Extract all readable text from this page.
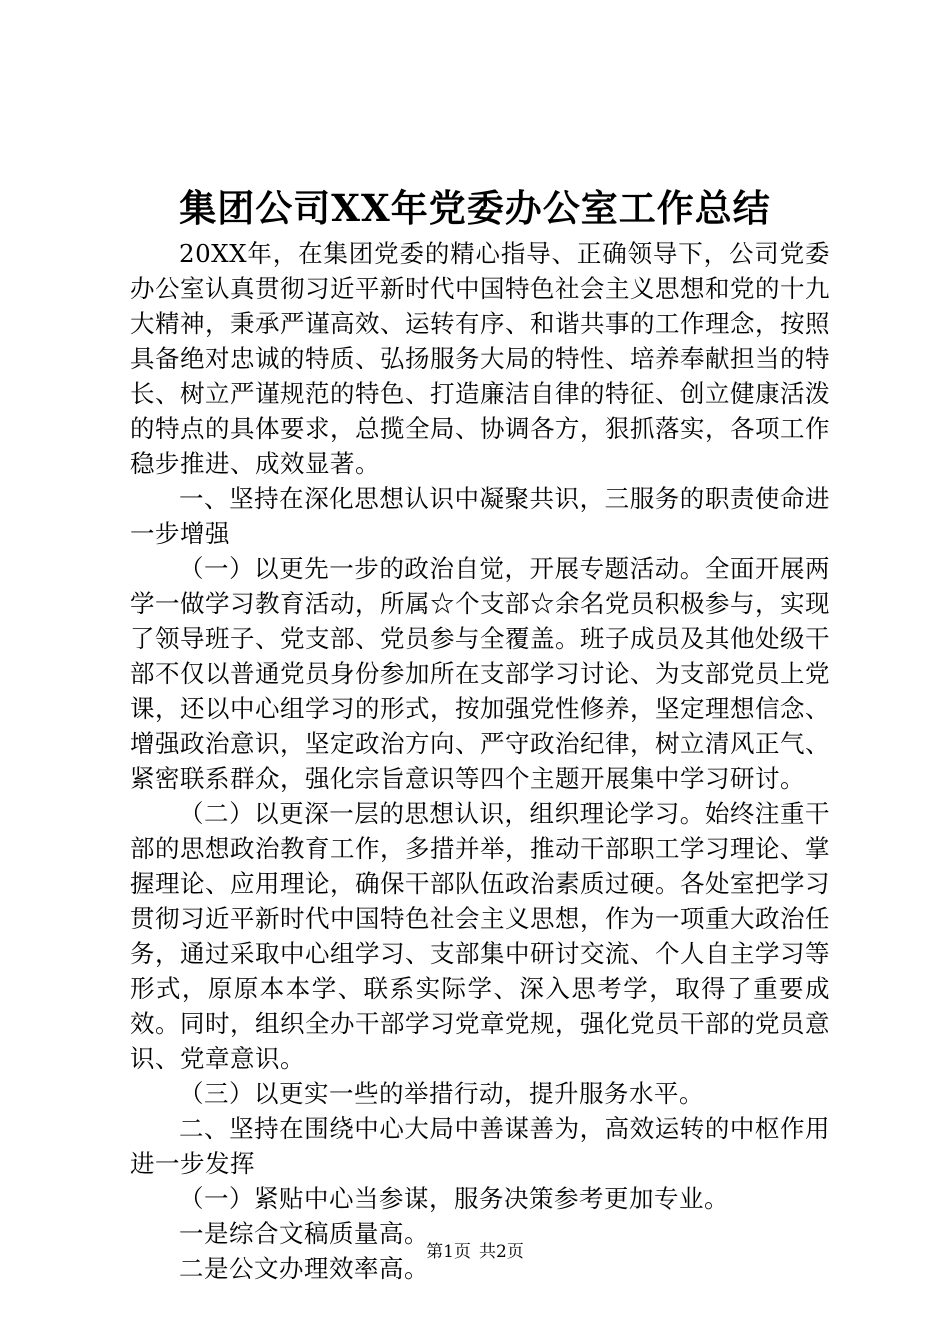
集团公司XX年党委办公室工作总结

20XX年，在集团党委的精心指导、正确领导下，公司党委办公室认真贯彻习近平新时代中国特色社会主义思想和党的十九大精神，秉承严谨高效、运转有序、和谐共事的工作理念，按照具备绝对忠诚的特质、弘扬服务大局的特性、培养奉献担当的特长、树立严谨规范的特色、打造廉洁自律的特征、创立健康活泼的特点的具体要求，总揽全局、协调各方，狠抓落实，各项工作稳步推进、成效显著。

一、坚持在深化思想认识中凝聚共识，三服务的职责使命进一步增强

（一）以更先一步的政治自觉，开展专题活动。全面开展两学一做学习教育活动，所属☆个支部☆余名党员积极参与，实现了领导班子、党支部、党员参与全覆盖。班子成员及其他处级干部不仅以普通党员身份参加所在支部学习讨论、为支部党员上党课，还以中心组学习的形式，按加强党性修养，坚定理想信念、增强政治意识，坚定政治方向、严守政治纪律，树立清风正气、紧密联系群众，强化宗旨意识等四个主题开展集中学习研讨。

（二）以更深一层的思想认识，组织理论学习。始终注重干部的思想政治教育工作，多措并举，推动干部职工学习理论、掌握理论、应用理论，确保干部队伍政治素质过硬。各处室把学习贯彻习近平新时代中国特色社会主义思想，作为一项重大政治任务，通过采取中心组学习、支部集中研讨交流、个人自主学习等形式，原原本本学、联系实际学、深入思考学，取得了重要成效。同时，组织全办干部学习党章党规，强化党员干部的党员意识、党章意识。

（三）以更实一些的举措行动，提升服务水平。

二、坚持在围绕中心大局中善谋善为，高效运转的中枢作用进一步发挥

（一）紧贴中心当参谋，服务决策参考更加专业。

一是综合文稿质量高。

二是公文办理效率高。

第1页 共2页
